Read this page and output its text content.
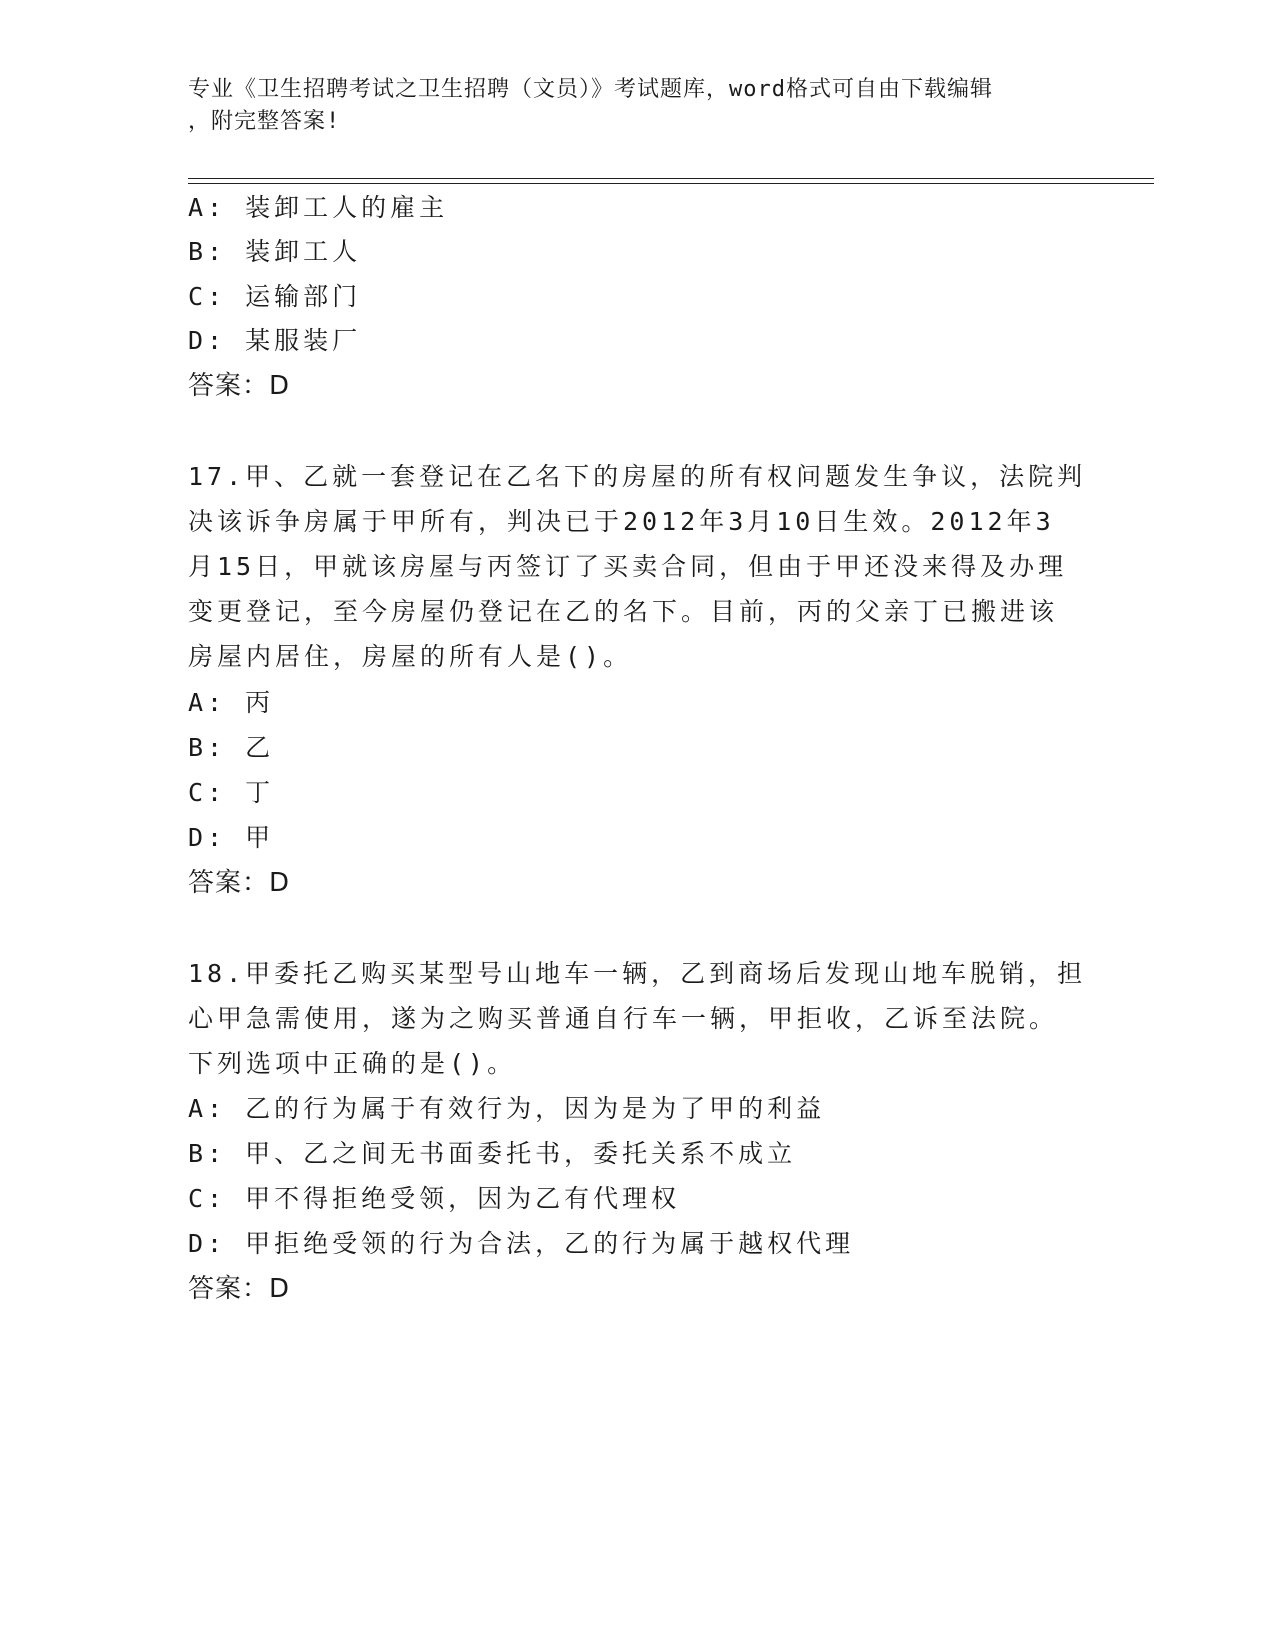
专业《卫生招聘考试之卫生招聘（文员）》考试题库，word格式可自由下载编辑
，附完整答案!
A: 装卸工人的雇主
B: 装卸工人
C: 运输部门
D: 某服装厂
答案：D
17.甲、乙就一套登记在乙名下的房屋的所有权问题发生争议，法院判
决该诉争房属于甲所有，判决已于2012年3月10日生效。2012年3
月15日，甲就该房屋与丙签订了买卖合同，但由于甲还没来得及办理
变更登记，至今房屋仍登记在乙的名下。目前，丙的父亲丁已搬进该
房屋内居住，房屋的所有人是()。
A: 丙
B: 乙
C: 丁
D: 甲
答案：D
18.甲委托乙购买某型号山地车一辆，乙到商场后发现山地车脱销，担
心甲急需使用，遂为之购买普通自行车一辆，甲拒收，乙诉至法院。
下列选项中正确的是()。
A: 乙的行为属于有效行为，因为是为了甲的利益
B: 甲、乙之间无书面委托书，委托关系不成立
C: 甲不得拒绝受领，因为乙有代理权
D: 甲拒绝受领的行为合法，乙的行为属于越权代理
答案：D
